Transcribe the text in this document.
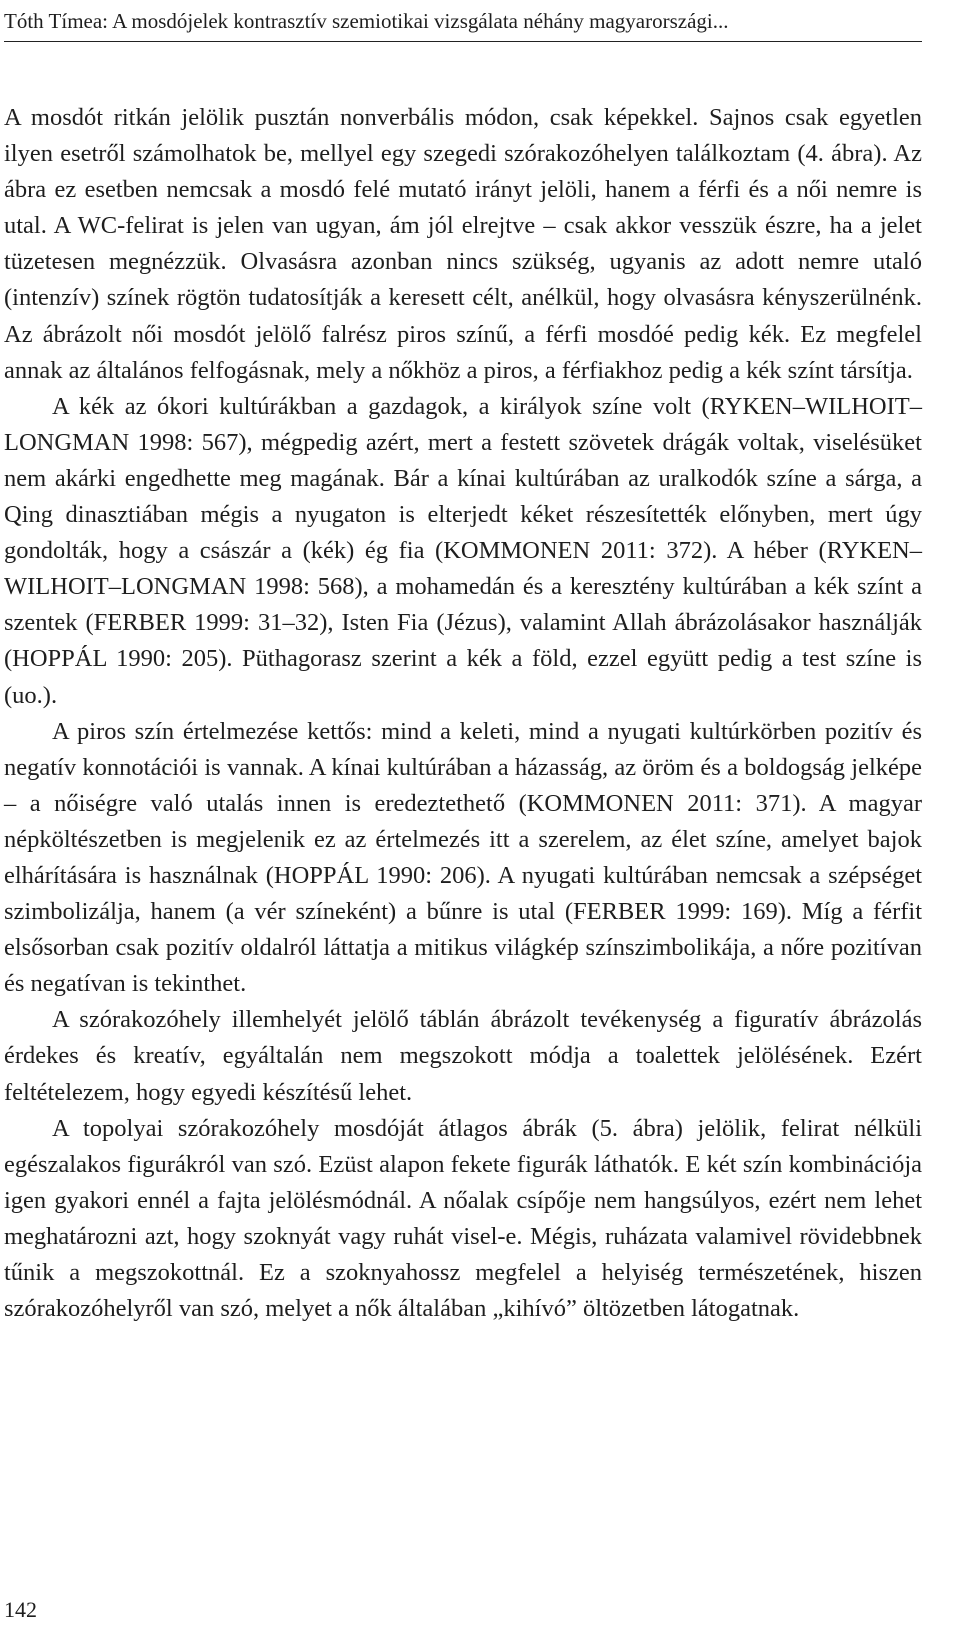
Tóth Tímea: A mosdójelek kontrasztív szemiotikai vizsgálata néhány magyarországi...

A mosdót ritkán jelölik pusztán nonverbális módon, csak képekkel. Sajnos csak egyetlen ilyen esetről számolhatok be, mellyel egy szegedi szórakozóhelyen találkoztam (4. ábra). Az ábra ez esetben nemcsak a mosdó felé mutató irányt jelöli, hanem a férfi és a női nemre is utal. A WC-felirat is jelen van ugyan, ám jól elrejtve – csak akkor vesszük észre, ha a jelet tüzetesen megnézzük. Olvasásra azonban nincs szükség, ugyanis az adott nemre utaló (intenzív) színek rögtön tudatosítják a keresett célt, anélkül, hogy olvasásra kényszerülnénk. Az ábrázolt női mosdót jelölő falrész piros színű, a férfi mosdóé pedig kék. Ez megfelel annak az általános felfogásnak, mely a nőkhöz a piros, a férfiakhoz pedig a kék színt társítja.

A kék az ókori kultúrákban a gazdagok, a királyok színe volt (RYKEN–WILHOIT–LONGMAN 1998: 567), mégpedig azért, mert a festett szövetek drágák voltak, viselésüket nem akárki engedhette meg magának. Bár a kínai kultúrában az uralkodók színe a sárga, a Qing dinasztiában mégis a nyugaton is elterjedt kéket részesítették előnyben, mert úgy gondolták, hogy a császár a (kék) ég fia (KOMMONEN 2011: 372). A héber (RYKEN–WILHOIT–LONGMAN 1998: 568), a mohamedán és a keresztény kultúrában a kék színt a szentek (FERBER 1999: 31–32), Isten Fia (Jézus), valamint Allah ábrázolásakor használják (HOPPÁL 1990: 205). Püthagorasz szerint a kék a föld, ezzel együtt pedig a test színe is (uo.).

A piros szín értelmezése kettős: mind a keleti, mind a nyugati kultúrkörben pozitív és negatív konnotációi is vannak. A kínai kultúrában a házasság, az öröm és a boldogság jelképe – a nőiségre való utalás innen is eredeztethető (KOMMONEN 2011: 371). A magyar népköltészetben is megjelenik ez az értelmezés itt a szerelem, az élet színe, amelyet bajok elhárítására is használnak (HOPPÁL 1990: 206). A nyugati kultúrában nemcsak a szépséget szimbolizálja, hanem (a vér színeként) a bűnre is utal (FERBER 1999: 169). Míg a férfit elsősorban csak pozitív oldalról láttatja a mitikus világkép színszimbolikája, a nőre pozitívan és negatívan is tekinthet.

A szórakozóhely illemhelyét jelölő táblán ábrázolt tevékenység a figuratív ábrázolás érdekes és kreatív, egyáltalán nem megszokott módja a toalettek jelölésének. Ezért feltételezem, hogy egyedi készítésű lehet.

A topolyai szórakozóhely mosdóját átlagos ábrák (5. ábra) jelölik, felirat nélküli egészalakos figurákról van szó. Ezüst alapon fekete figurák láthatók. E két szín kombinációja igen gyakori ennél a fajta jelölésmódnál. A nőalak csípője nem hangsúlyos, ezért nem lehet meghatározni azt, hogy szoknyát vagy ruhát visel-e. Mégis, ruházata valamivel rövidebbnek tűnik a megszokottnál. Ez a szoknyahossz megfelel a helyiség természetének, hiszen szórakozóhelyről van szó, melyet a nők általában „kihívó” öltözetben látogatnak.

142
